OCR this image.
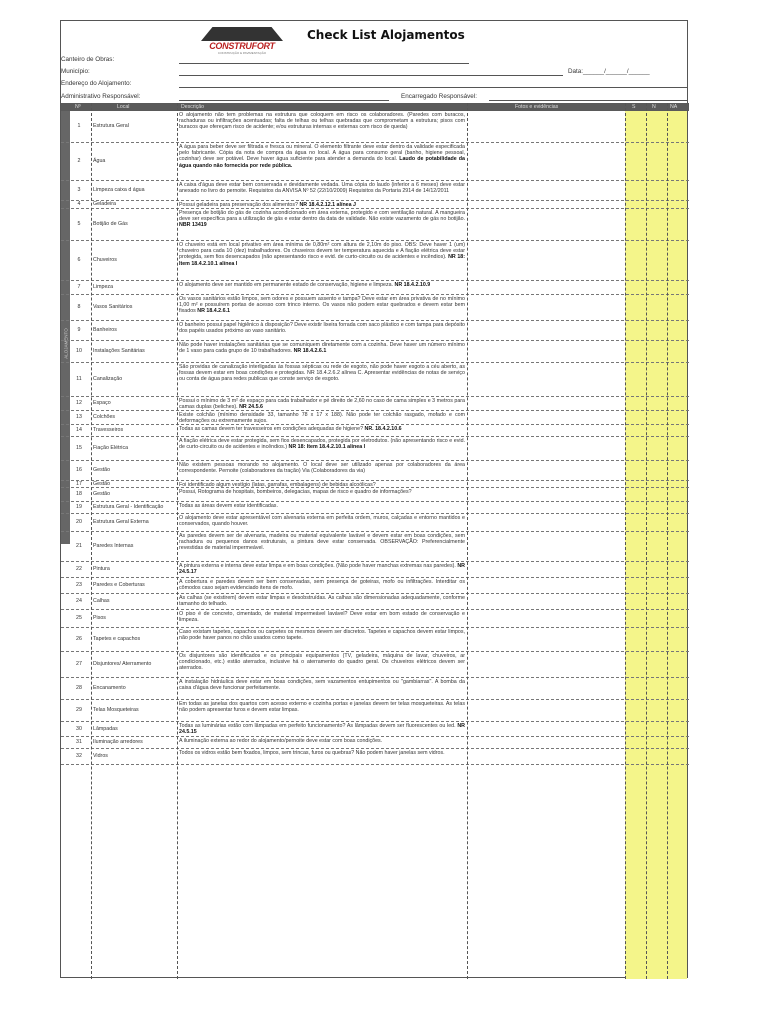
CONSTRUFORT
CONSTRUÇÃO E PAVIMENTAÇÃO
Check List Alojamentos
Canteiro de Obras:
Município:	Data:______/______/______
Endereço do Alojamento:
Administrativo Responsável:	Encarregado Responsável:
Nº	Local	Descrição	Fotos e evidências	S	N	NA
ALOJAMENTO
1	Estrutura Geral
O alojamento não tem problemas na estrutura que coloquem em risco os colaboradores. (Paredes com buracos, rachaduras ou infiltrações acentuadas; falta de telhas ou telhas quebradas que comprometam a estrutura; pisos com buracos que ofereçam risco de acidente; e/ou estruturas internas e externas com risco de queda)
2	Água
A água para beber deve ser filtrada e fresca ou mineral. O elemento filtrante deve estar dentro da validade especificada pelo fabricante. Cópia da nota de compra da água no local. A água para consumo geral (banho, higiene pessoal, cozinhar) deve ser potável. Deve haver água suficiente para atender a demanda do local. Laudo de potabilidade da água quando não fornecida por rede pública.
3	Limpeza caixa d água
A caixa d'água deve estar bem conservada e devidamente vedada. Uma cópia do laudo (inferior a 6 meses) deve estar anexado no livro do pernoite. Requisitos da ANVISA Nº 52 (22/10/2009) Requisitos da Portaria 2914 de 14/12/2011
4	Geladeira	Possui geladeira para preservação dos alimentos? NR 18.4.2.12.1 alínea J
5	Botijão de Gás
Presença de botijão do gás de cozinha acondicionado em área externa, protegido e com ventilação natural. A mangueira deve ser específica para a utilização de gás e estar dentro da data de validade. Não existe vazamento de gás no botijão. NBR 13419
6	Chuveiros
O chuveiro está em local privativo em área mínima de 0,80m² com altura de 2,10m do piso. OBS: Deve haver 1 (um) chuveiro para cada 10 (dez) trabalhadores. Os chuveiros devem ter temperatura aquecida e A fiação elétrica deve estar protegida, sem fios desencapados (não apresentando risco e evid. de curto-circuito ou de acidentes e incêndios). NR 18: Item 18.4.2.10.1 alínea I
7	Limpeza	O alojamento deve ser mantido em permanente estado de conservação, higiene e limpeza. NR 18.4.2.10.9
8	Vasos Sanitários
Os vasos sanitários estão limpos, sem odores e possuem assento e tampa? Deve estar em área privativa de no mínimo 1,00 m² e possuírem portas de acesso com trinco interno. Os vasos não podem estar quebrados e devem estar bem fixados NR 18.4.2.6.1
9	Banheiros
O banheiro possui papel higiênico à disposição? Deve existir lixeira forrada com saco plástico e com tampa para depósito dos papéis usados próximo ao vaso sanitário.
10	Instalações Sanitárias
Não pode haver instalações sanitárias que se comuniquem diretamente com a cozinha. Deve haver um número mínimo de 1 vaso para cada grupo de 10 trabalhadores. NR 18.4.2.6.1
11	Canalização
São providas de canalização interligadas às fossas sépticas ou rede de esgoto, não pode haver esgoto a céu aberto, as fossas devem estar em boas condições e protegidas. NR 18.4.2.6.2 alínea C. Apresentar evidências de notas de serviço ou conta de água para redes publicas que conste serviço de esgoto.
12	Espaço	Possui o mínimo de 3 m² de espaço para cada trabalhador e pé direito de 2,60 no caso de cama simples e 3 metros para camas duplas (beliches). NR 24.5.6
13	Colchões	Existe colchão (mínimo densidade 33, tamanho 78 x 17 x 188). Não pode ter colchão rasgado, mofado e com deformações ou extremamente sujos.
14	Travesseiros	Todas as camas devem ter travesseiros em condições adequadas de higiene? NR. 18.4.2.10.6
15	Fiação Elétrica
A fiação elétrica deve estar protegida, sem fios desencapados, protegida por eletrodutos. (não apresentando risco e evid. de curto-circuito ou de acidentes e incêndios.) NR 18: Item 18.4.2.10.1 alínea I
16	Gestão
Não existem pessoas morando no alojamento. O local deve ser utilizado apenas por colaboradores da área correspondente. Pernoite (colaboradores da tração) Via (Colaboradores da via)
17	Gestão	Foi identificado algum vestígio (latas, garrafas, embalagens) de bebidas alcoólicas?
18	Gestão	Possui, Rotograma de hospitais, bombeiros, delegacias, mapas de risco e quadro de informações?
19	Estrutura Geral - Identificação	Todas as áreas devem estar identificadas.
20	Estrutura Geral Externa
O alojamento deve estar apresentável com alvenaria externa em perfeita ordem, muros, calçadas e entorno mantidos e conservados, quando houver.
21	Paredes Internas
As paredes devem ser de alvenaria, madeira ou material equivalente lavável e devem estar em boas condições, sem rachadura ou pequenos danos estruturais, a pintura deve estar conservada. OBSERVAÇÃO: Preferencialmente revestidas de material impermeável.
22	Pintura
A pintura externa e interna deve estar limpa e em boas condições. (Não pode haver manchas extremas nas paredes). NR 24.5.17
23	Paredes e Coberturas
A cobertura e paredes devem ser bem conservadas, sem presença de goteiras, mofo ou infiltrações. Interditar os cômodos caso sejam evidenciado itens de mofo.
24	Calhas
As calhas (se existirem) devem estar limpas e desobstruídas. As calhas são dimensionadas adequadamente, conforme tamanho do telhado.
25	Pisos
O piso é de concreto, cimentado, de material impermeável lavável? Deve estar em bom estado de conservação e limpeza.
26	Tapetes e capachos
Caso existam tapetes, capachos ou carpetes os mesmos devem ser discretos. Tapetes e capachos devem estar limpos, não pode haver panos no chão usados como tapete.
27	Disjuntores/ Aterramento
Os disjuntores são identificados e os principais equipamentos (TV, geladeira, máquina de lavar, chuveiros, ar condicionado, etc.) estão aterrados, inclusive há o aterramento do quadro geral. Os chuveiros elétricos devem ser aterrados.
28	Encanamento
A instalação hidráulica deve estar em boas condições, sem vazamentos entupimentos ou "gambiarras". A bomba da caixa d'água deve funcionar perfeitamente.
29	Telas Mosqueteiras
Em todas as janelas dos quartos com acesso externo e cozinha portas e janelas devem ter telas mosqueteiras. As telas não podem apresentar furos e devem estar limpas.
30	Lâmpadas
Todas as luminárias estão com lâmpadas em perfeito funcionamento? As lâmpadas devem ser fluorescentes ou led. NR 24.5.15
31	Iluminação arredores	A iluminação externa ao redor do alojamento/pernoite deve estar com boas condições.
32	Vidros
Todos os vidros estão bem fixados, limpos, sem trincas, furos ou quebras? Não podem haver janelas sem vidros.
